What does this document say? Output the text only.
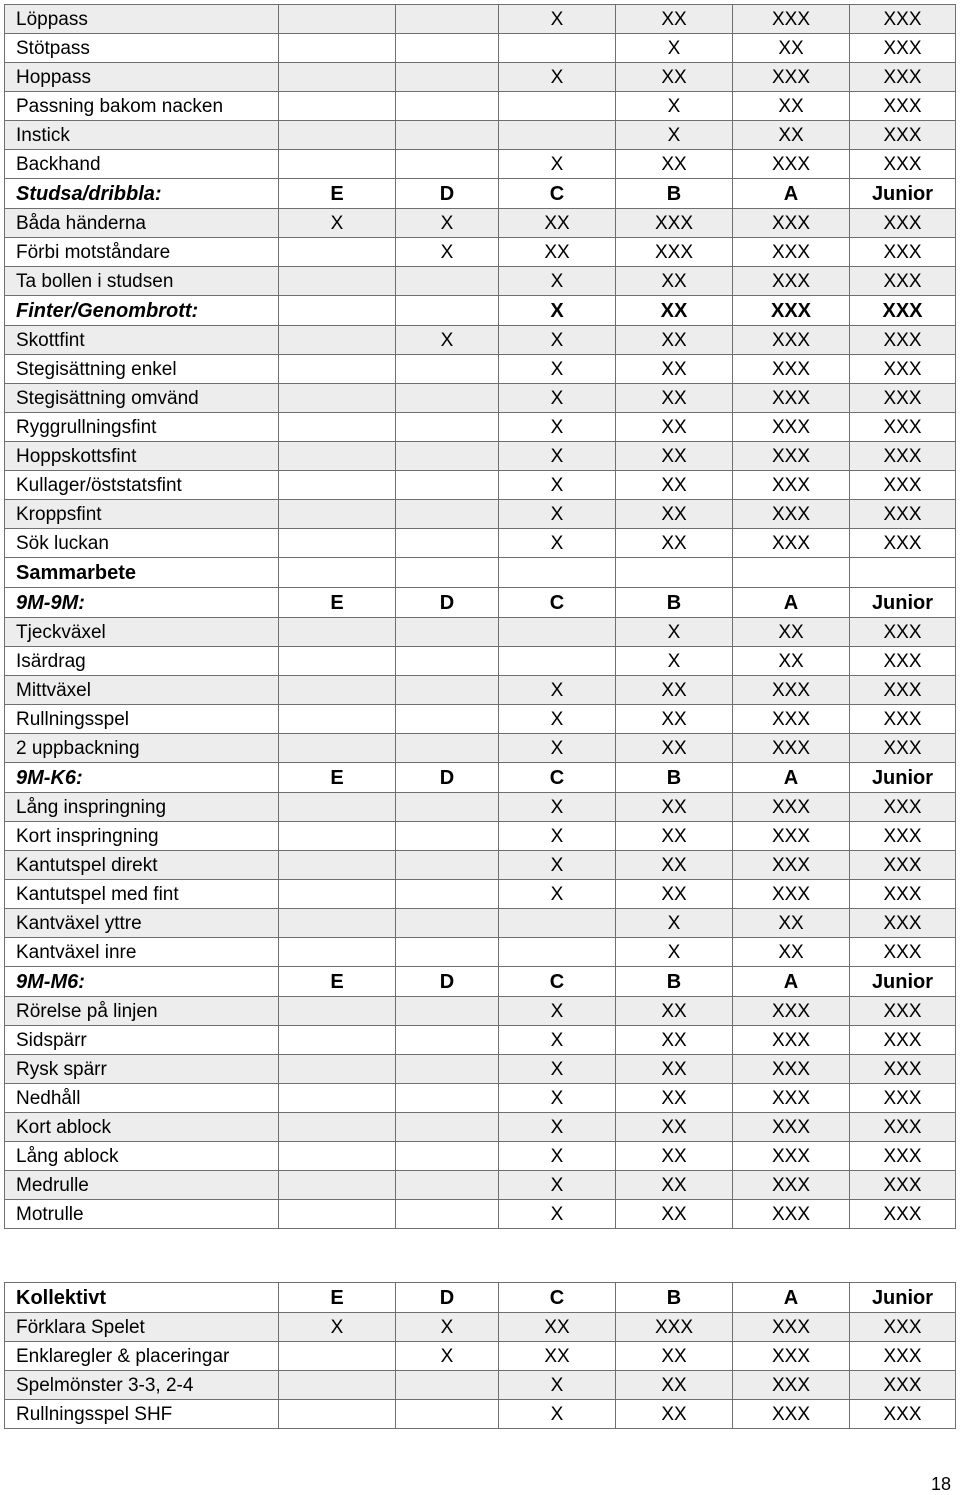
Löppass			X	XX	XXX	XXX
Stötpass				X	XX	XXX
Hoppass			X	XX	XXX	XXX
Passning bakom nacken				X	XX	XXX
Instick				X	XX	XXX
Backhand			X	XX	XXX	XXX
Studsa/dribbla:	E	D	C	B	A	Junior
Båda händerna	X	X	XX	XXX	XXX	XXX
Förbi motståndare		X	XX	XXX	XXX	XXX
Ta bollen i studsen			X	XX	XXX	XXX
Finter/Genombrott:			X	XX	XXX	XXX
Skottfint		X	X	XX	XXX	XXX
Stegisättning enkel			X	XX	XXX	XXX
Stegisättning omvänd			X	XX	XXX	XXX
Ryggrullningsfint			X	XX	XXX	XXX
Hoppskottsfint			X	XX	XXX	XXX
Kullager/öststatsfint			X	XX	XXX	XXX
Kroppsfint			X	XX	XXX	XXX
Sök luckan			X	XX	XXX	XXX
Sammarbete						
9M-9M:	E	D	C	B	A	Junior
Tjeckväxel				X	XX	XXX
Isärdrag				X	XX	XXX
Mittväxel			X	XX	XXX	XXX
Rullningsspel			X	XX	XXX	XXX
2 uppbackning			X	XX	XXX	XXX
9M-K6:	E	D	C	B	A	Junior
Lång inspringning			X	XX	XXX	XXX
Kort inspringning			X	XX	XXX	XXX
Kantutspel direkt			X	XX	XXX	XXX
Kantutspel med fint			X	XX	XXX	XXX
Kantväxel yttre				X	XX	XXX
Kantväxel inre				X	XX	XXX
9M-M6:	E	D	C	B	A	Junior
Rörelse på linjen			X	XX	XXX	XXX
Sidspärr			X	XX	XXX	XXX
Rysk spärr			X	XX	XXX	XXX
Nedhåll			X	XX	XXX	XXX
Kort ablock			X	XX	XXX	XXX
Lång ablock			X	XX	XXX	XXX
Medrulle			X	XX	XXX	XXX
Motrulle			X	XX	XXX	XXX
Kollektivt	E	D	C	B	A	Junior
Förklara Spelet	X	X	XX	XXX	XXX	XXX
Enklaregler & placeringar		X	XX	XX	XXX	XXX
Spelmönster 3-3, 2-4			X	XX	XXX	XXX
Rullningsspel SHF			X	XX	XXX	XXX
18
